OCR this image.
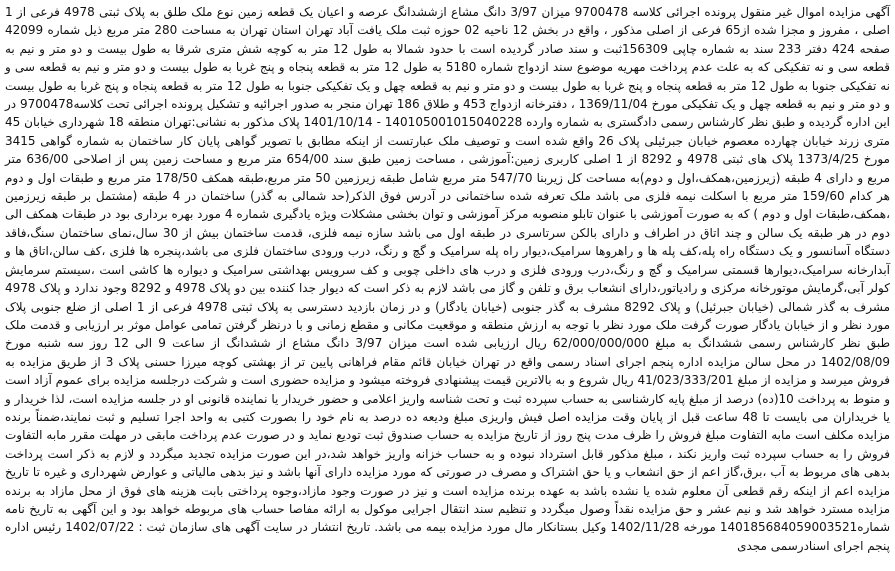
آگهی مزایده اموال غیر منقول پرونده اجرائی کلاسه 9700478 میزان 3/97 دانگ مشاع ازششدانگ عرصه و اعیان یک قطعه زمین نوع ملک طلق به پلاک ثبتی 4978 فرعی از 1 اصلی ، مفروز و مجزا شده از65 فرعی از اصلی مذکور ، واقع در بخش 12 ناحیه 02 حوزه ثبت ملک یافت آباد تهران استان تهران به مساحت 280 متر مربع ذیل شماره 42099 صفحه 424 دفتر 233 سند به شماره چاپی 156309ثبت و سند صادر گردیده است با حدود شمالا به طول 12 متر به کوچه شش متری شرقا به طول بیست و دو متر و نیم به قطعه سی و نه تفکیکی که به علت عدم پرداخت مهریه موضوع سند ازدواج شماره 5180 به طول 12 متر به قطعه پنجاه و پنج غربا به طول بیست و دو متر و نیم به قطعه سی و نه تفکیکی جنوبا به طول 12 متر به قطعه پنجاه و پنج غربا به طول بیست و دو متر و نیم به قطعه چهل و یک تفکیکی جنوبا به طول 12 متر به قطعه پنجاه و پنج غربا به طول بیست و دو متر و نیم به قطعه چهل و یک تفکیکی مورخ 1369/11/04 ، دفترخانه ازدواج 453 و طلاق 186 تهران منجر به صدور اجرائیه و تشکیل پرونده اجرائی تحت کلاسه9700478 در این اداره گردیده و طبق نظر کارشناس رسمی دادگستری به شماره وارده 140105001015040228 - 1401/10/14 پلاک مذکور به نشانی:تهران منطقه 18 شهرداری خیابان 45 متری زرند خیابان چهارده معصوم خیابان جبرئیلی پلاک 26 واقع شده است و توصیف ملک عبارتست از اینکه مطابق با تصویر گواهی پایان کار ساختمان به شماره گواهی 3415 مورخ 1373/4/25 پلاک های ثبتی 4978 و 8292 از 1 اصلی کاربری زمین:آموزشی ، مساحت زمین طبق سند 654/00 متر مربع و مساحت زمین پس از اصلاحی 636/00 متر مربع و دارای 4 طبقه (زیرزمین،همکف،اول و دوم)به مساحت کل زیربنا 547/70 متر مربع شامل طبقه زیرزمین 50 متر مربع،طبقه همکف 178/50 متر مربع و طبقات اول و دوم هر کدام 159/60 متر مربع با اسکلت نیمه فلزی می باشد ملک تعرفه شده ساختمانی در آدرس فوق الذکر(حد شمالی به گذر) ساختمان در 4 طبقه (مشتمل بر طبقه زیرزمین ،همکف،طبقات اول و دوم ) که به صورت آموزشی با عنوان تابلو منصوبه مرکز آموزشی و توان بخشی مشکلات ویژه یادگیری شماره 4 مورد بهره برداری بود در طبقات همکف الی دوم در هر طبقه یک سالن و چند اتاق در اطراف و دارای بالکن سرتاسری در طبقه اول می باشد سازه نیمه فلزی، قدمت ساختمان بیش از 30 سال،نمای ساختمان سنگ،فاقد دستگاه آسانسور و یک دستگاه راه پله،کف پله ها و راهروها سرامیک،دیوار راه پله سرامیک و گچ و رنگ، درب ورودی ساختمان فلزی می باشد،پنجره ها فلزی ،کف سالن،اتاق ها و آبدارخانه سرامیک،دیوارها قسمتی سرامیک و گچ و رنگ،درب ورودی فلزی و درب های داخلی چوبی و کف سرویس بهداشتی سرامیک و دیواره ها کاشی است ،سیستم سرمایش کولر آبی،گرمایش موتورخانه مرکزی و رادیاتور،دارای انشعاب برق و تلفن و گاز می باشد لازم به ذکر است که دیوار جدا کننده بین دو پلاک 4978 و 8292 وجود ندارد و پلاک 4978 مشرف به گذر شمالی (خیابان جبرئیل) و پلاک 8292 مشرف به گذر جنوبی (خیابان یادگار) و در زمان بازدید دسترسی به پلاک ثبتی 4978 فرعی از 1 اصلی از ضلع جنوبی پلاک مورد نظر و از خیابان یادگار صورت گرفت ملک مورد نظر با توجه به ارزش منطقه و موقعیت مکانی و مقطع زمانی و با درنظر گرفتن تمامی عوامل موثر بر ارزیابی و قدمت ملک طبق نظر کارشناس رسمی ششدانگ به مبلغ 62/000/000/000 ریال ارزیابی شده است میزان 3/97 دانگ مشاع از ششدانگ از ساعت 9 الی 12 روز سه شنبه مورخ 1402/08/09 در محل سالن مزایده اداره پنجم اجرای اسناد رسمی واقع در تهران خیابان قائم مقام فراهانی پایین تر از بهشتی کوچه میرزا حسنی پلاک 3 از طریق مزایده به فروش میرسد و مزایده از مبلغ 41/023/333/201 ریال شروع و به بالاترین قیمت پیشنهادی فروخته میشود و مزایده حضوری است و شرکت درجلسه مزایده برای عموم آزاد است و منوط به پرداخت 10(ده) درصد از مبلغ پایه کارشناسی به حساب سپرده ثبت و تحت شناسه واریز اعلامی و حضور خریدار یا نماینده قانونی او در جلسه مزایده است، لذا خریدار و یا خریداران می بایست تا 48 ساعت قبل از پایان وقت مزایده اصل فیش واریزی مبلغ ودیعه ده درصد به نام خود را بصورت کتبی به واحد اجرا تسلیم و ثبت نمایند،ضمناً برنده مزایده مکلف است مابه التفاوت مبلغ فروش را ظرف مدت پنج روز از تاریخ مزایده به حساب صندوق ثبت تودیع نماید و در صورت عدم پرداخت مابقی در مهلت مقرر مابه التفاوت فروش را به حساب سپرده ثبت واریز نکند ، مبلغ مذکور قابل استرداد نبوده و به حساب خزانه واریز خواهد شد،در این صورت مزایده تجدید میگردد و لازم به ذکر است پرداخت بدهی های مربوط به آب ،برق،گاز اعم از حق انشعاب و یا حق اشتراک و مصرف در صورتی که مورد مزایده دارای آنها باشد و نیز بدهی مالیاتی و عوارض شهرداری و غیره تا تاریخ مزایده اعم از اینکه رقم قطعی آن معلوم شده یا نشده باشد به عهده برنده مزایده است و نیز در صورت وجود مازاد،وجوه پرداختی بابت هزینه های فوق از محل مازاد به برنده مزایده مسترد خواهد شد و نیم عشر و حق مزایده نقداً وصول میگردد و تنظیم سند انتقال اجرایی موکول به ارائه مفاصا حساب های مربوطه خواهد بود و این آگهی به تاریخ نامه شماره140185684059003521 مورخه 1402/11/28 وکیل بستانکار مال مورد مزایده بیمه می باشد. تاریخ انتشار در سایت آگهی های سازمان ثبت : 1402/07/22 رئیس اداره پنجم اجرای اسنادرسمی مجدی
